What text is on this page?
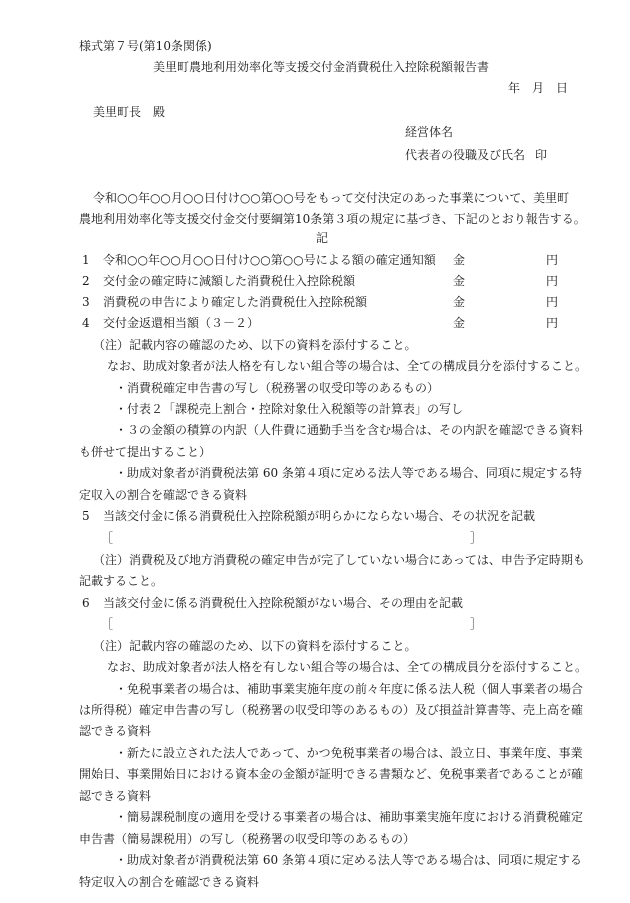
様式第７号(第10条関係)
美里町農地利用効率化等支援交付金消費税仕入控除税額報告書
年　月　日
美里町長　殿
経営体名
代表者の役職及び氏名 印
令和○○年○○月○○日付け○○第○○号をもって交付決定のあった事業について、美里町
農地利用効率化等支援交付金交付要綱第10条第３項の規定に基づき、下記のとおり報告する。
記
1 令和○○年○○月○○日付け○○第○○号による額の確定通知額 金	円
2 交付金の確定時に減額した消費税仕入控除税額	金	円
3 消費税の申告により確定した消費税仕入控除税額	金	円
4 交付金返還相当額（３－２）	金	円
（注）記載内容の確認のため、以下の資料を添付すること。
なお、助成対象者が法人格を有しない組合等の場合は、全ての構成員分を添付すること。
・消費税確定申告書の写し（税務署の収受印等のあるもの）
・付表２「課税売上割合・控除対象仕入税額等の計算表」の写し
・３の金額の積算の内訳（人件費に通勤手当を含む場合は、その内訳を確認できる資料
も併せて提出すること）
・助成対象者が消費税法第 60 条第４項に定める法人等である場合、同項に規定する特
定収入の割合を確認できる資料
5 当該交付金に係る消費税仕入控除税額が明らかにならない場合、その状況を記載
［	］
（注）消費税及び地方消費税の確定申告が完了していない場合にあっては、申告予定時期も
記載すること。
6 当該交付金に係る消費税仕入控除税額がない場合、その理由を記載
［	］
（注）記載内容の確認のため、以下の資料を添付すること。
なお、助成対象者が法人格を有しない組合等の場合は、全ての構成員分を添付すること。
・免税事業者の場合は、補助事業実施年度の前々年度に係る法人税（個人事業者の場合
は所得税）確定申告書の写し（税務署の収受印等のあるもの）及び損益計算書等、売上高を確
認できる資料
・新たに設立された法人であって、かつ免税事業者の場合は、設立日、事業年度、事業
開始日、事業開始日における資本金の金額が証明できる書類など、免税事業者であることが確
認できる資料
・簡易課税制度の適用を受ける事業者の場合は、補助事業実施年度における消費税確定
申告書（簡易課税用）の写し（税務署の収受印等のあるもの）
・助成対象者が消費税法第 60 条第４項に定める法人等である場合は、同項に規定する
特定収入の割合を確認できる資料
